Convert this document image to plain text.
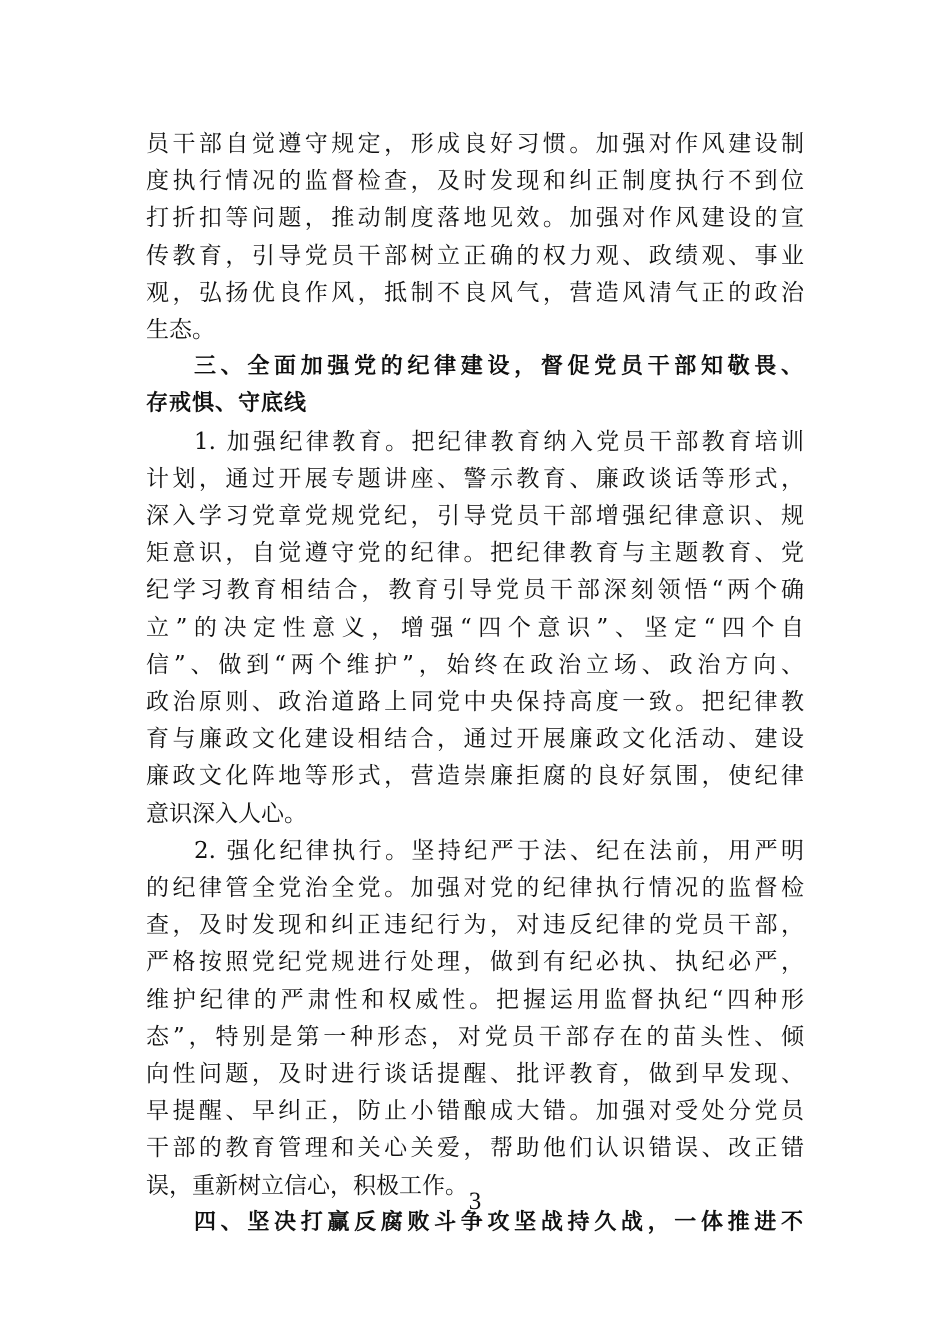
员干部自觉遵守规定，形成良好习惯。加强对作风建设制
度执行情况的监督检查，及时发现和纠正制度执行不到位
打折扣等问题，推动制度落地见效。加强对作风建设的宣
传教育，引导党员干部树立正确的权力观、政绩观、事业
观，弘扬优良作风，抵制不良风气，营造风清气正的政治
生态。
三、全面加强党的纪律建设，督促党员干部知敬畏、
存戒惧、守底线
1. 加强纪律教育。把纪律教育纳入党员干部教育培训
计划，通过开展专题讲座、警示教育、廉政谈话等形式，
深入学习党章党规党纪，引导党员干部增强纪律意识、规
矩意识，自觉遵守党的纪律。把纪律教育与主题教育、党
纪学习教育相结合，教育引导党员干部深刻领悟“两个确
立”的决定性意义，增强“四个意识”、坚定“四个自
信”、做到“两个维护”，始终在政治立场、政治方向、
政治原则、政治道路上同党中央保持高度一致。把纪律教
育与廉政文化建设相结合，通过开展廉政文化活动、建设
廉政文化阵地等形式，营造崇廉拒腐的良好氛围，使纪律
意识深入人心。
2. 强化纪律执行。坚持纪严于法、纪在法前，用严明
的纪律管全党治全党。加强对党的纪律执行情况的监督检
查，及时发现和纠正违纪行为，对违反纪律的党员干部，
严格按照党纪党规进行处理，做到有纪必执、执纪必严，
维护纪律的严肃性和权威性。把握运用监督执纪“四种形
态”，特别是第一种形态，对党员干部存在的苗头性、倾
向性问题，及时进行谈话提醒、批评教育，做到早发现、
早提醒、早纠正，防止小错酿成大错。加强对受处分党员
干部的教育管理和关心关爱，帮助他们认识错误、改正错
误，重新树立信心，积极工作。
四、坚决打赢反腐败斗争攻坚战持久战，一体推进不
3
